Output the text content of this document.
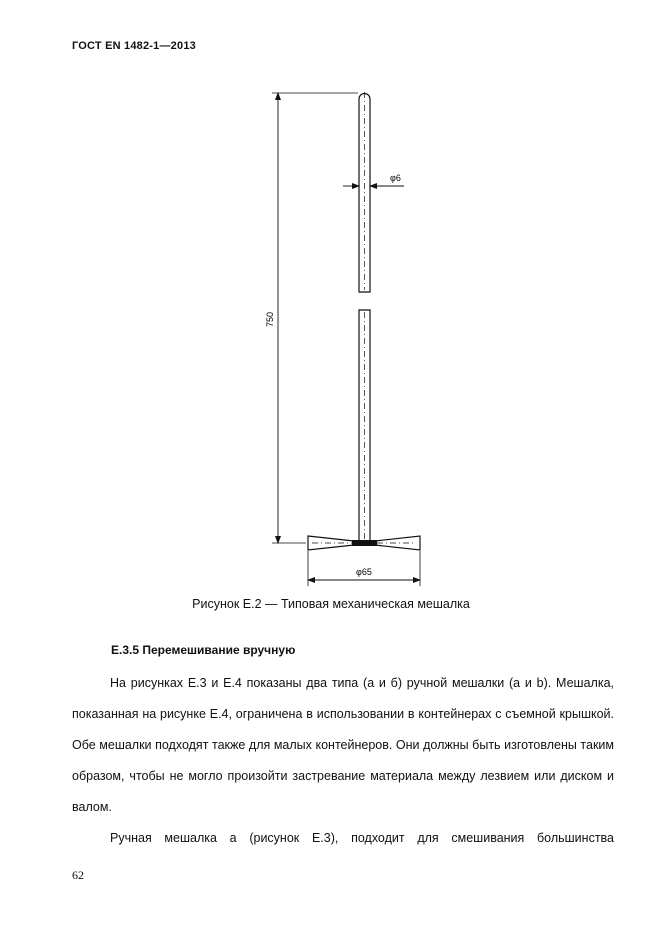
ГОСТ EN 1482-1—2013
φ6
750
φ65
Рисунок Е.2 — Типовая механическая мешалка
Е.3.5 Перемешивание вручную
На рисунках Е.3 и Е.4 показаны два типа (а и б) ручной мешалки (а и b). Мешалка, показанная на рисунке Е.4, ограничена в использовании в контейнерах с съемной крышкой. Обе мешалки подходят также для малых контейнеров. Они должны быть изготовлены таким образом, чтобы не могло произойти застревание материала между лезвием или диском и валом.
Ручная мешалка а (рисунок Е.3), подходит для смешивания большинства
62
